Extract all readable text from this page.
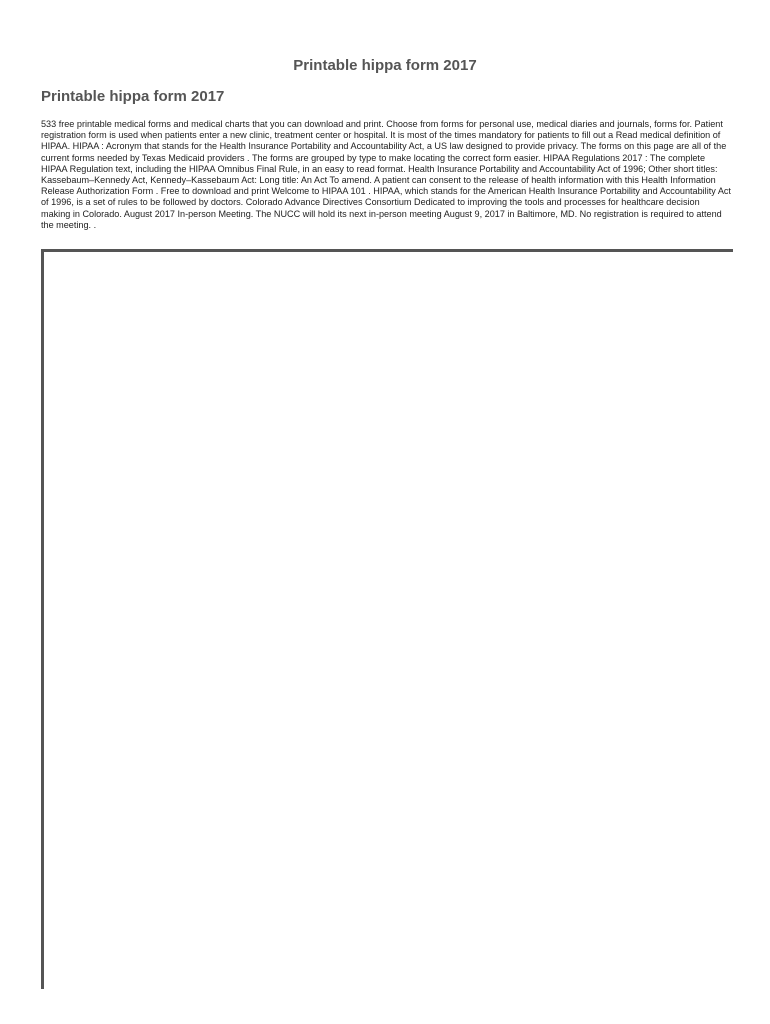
Printable hippa form 2017
Printable hippa form 2017

533 free printable medical forms and medical charts that you can download and print. Choose from forms for personal use, medical diaries and journals, forms for. Patient registration form is used when patients enter a new clinic, treatment center or hospital. It is most of the times mandatory for patients to fill out a Read medical definition of HIPAA. HIPAA : Acronym that stands for the Health Insurance Portability and Accountability Act, a US law designed to provide privacy. The forms on this page are all of the current forms needed by Texas Medicaid providers . The forms are grouped by type to make locating the correct form easier. HIPAA Regulations 2017 : The complete HIPAA Regulation text, including the HIPAA Omnibus Final Rule, in an easy to read format. Health Insurance Portability and Accountability Act of 1996; Other short titles: Kassebaum–Kennedy Act, Kennedy–Kassebaum Act: Long title: An Act To amend. A patient can consent to the release of health information with this Health Information Release Authorization Form . Free to download and print Welcome to HIPAA 101 . HIPAA, which stands for the American Health Insurance Portability and Accountability Act of 1996, is a set of rules to be followed by doctors. Colorado Advance Directives Consortium Dedicated to improving the tools and processes for healthcare decision making in Colorado. August 2017 In-person Meeting. The NUCC will hold its next in-person meeting August 9, 2017 in Baltimore, MD. No registration is required to attend the meeting. .
